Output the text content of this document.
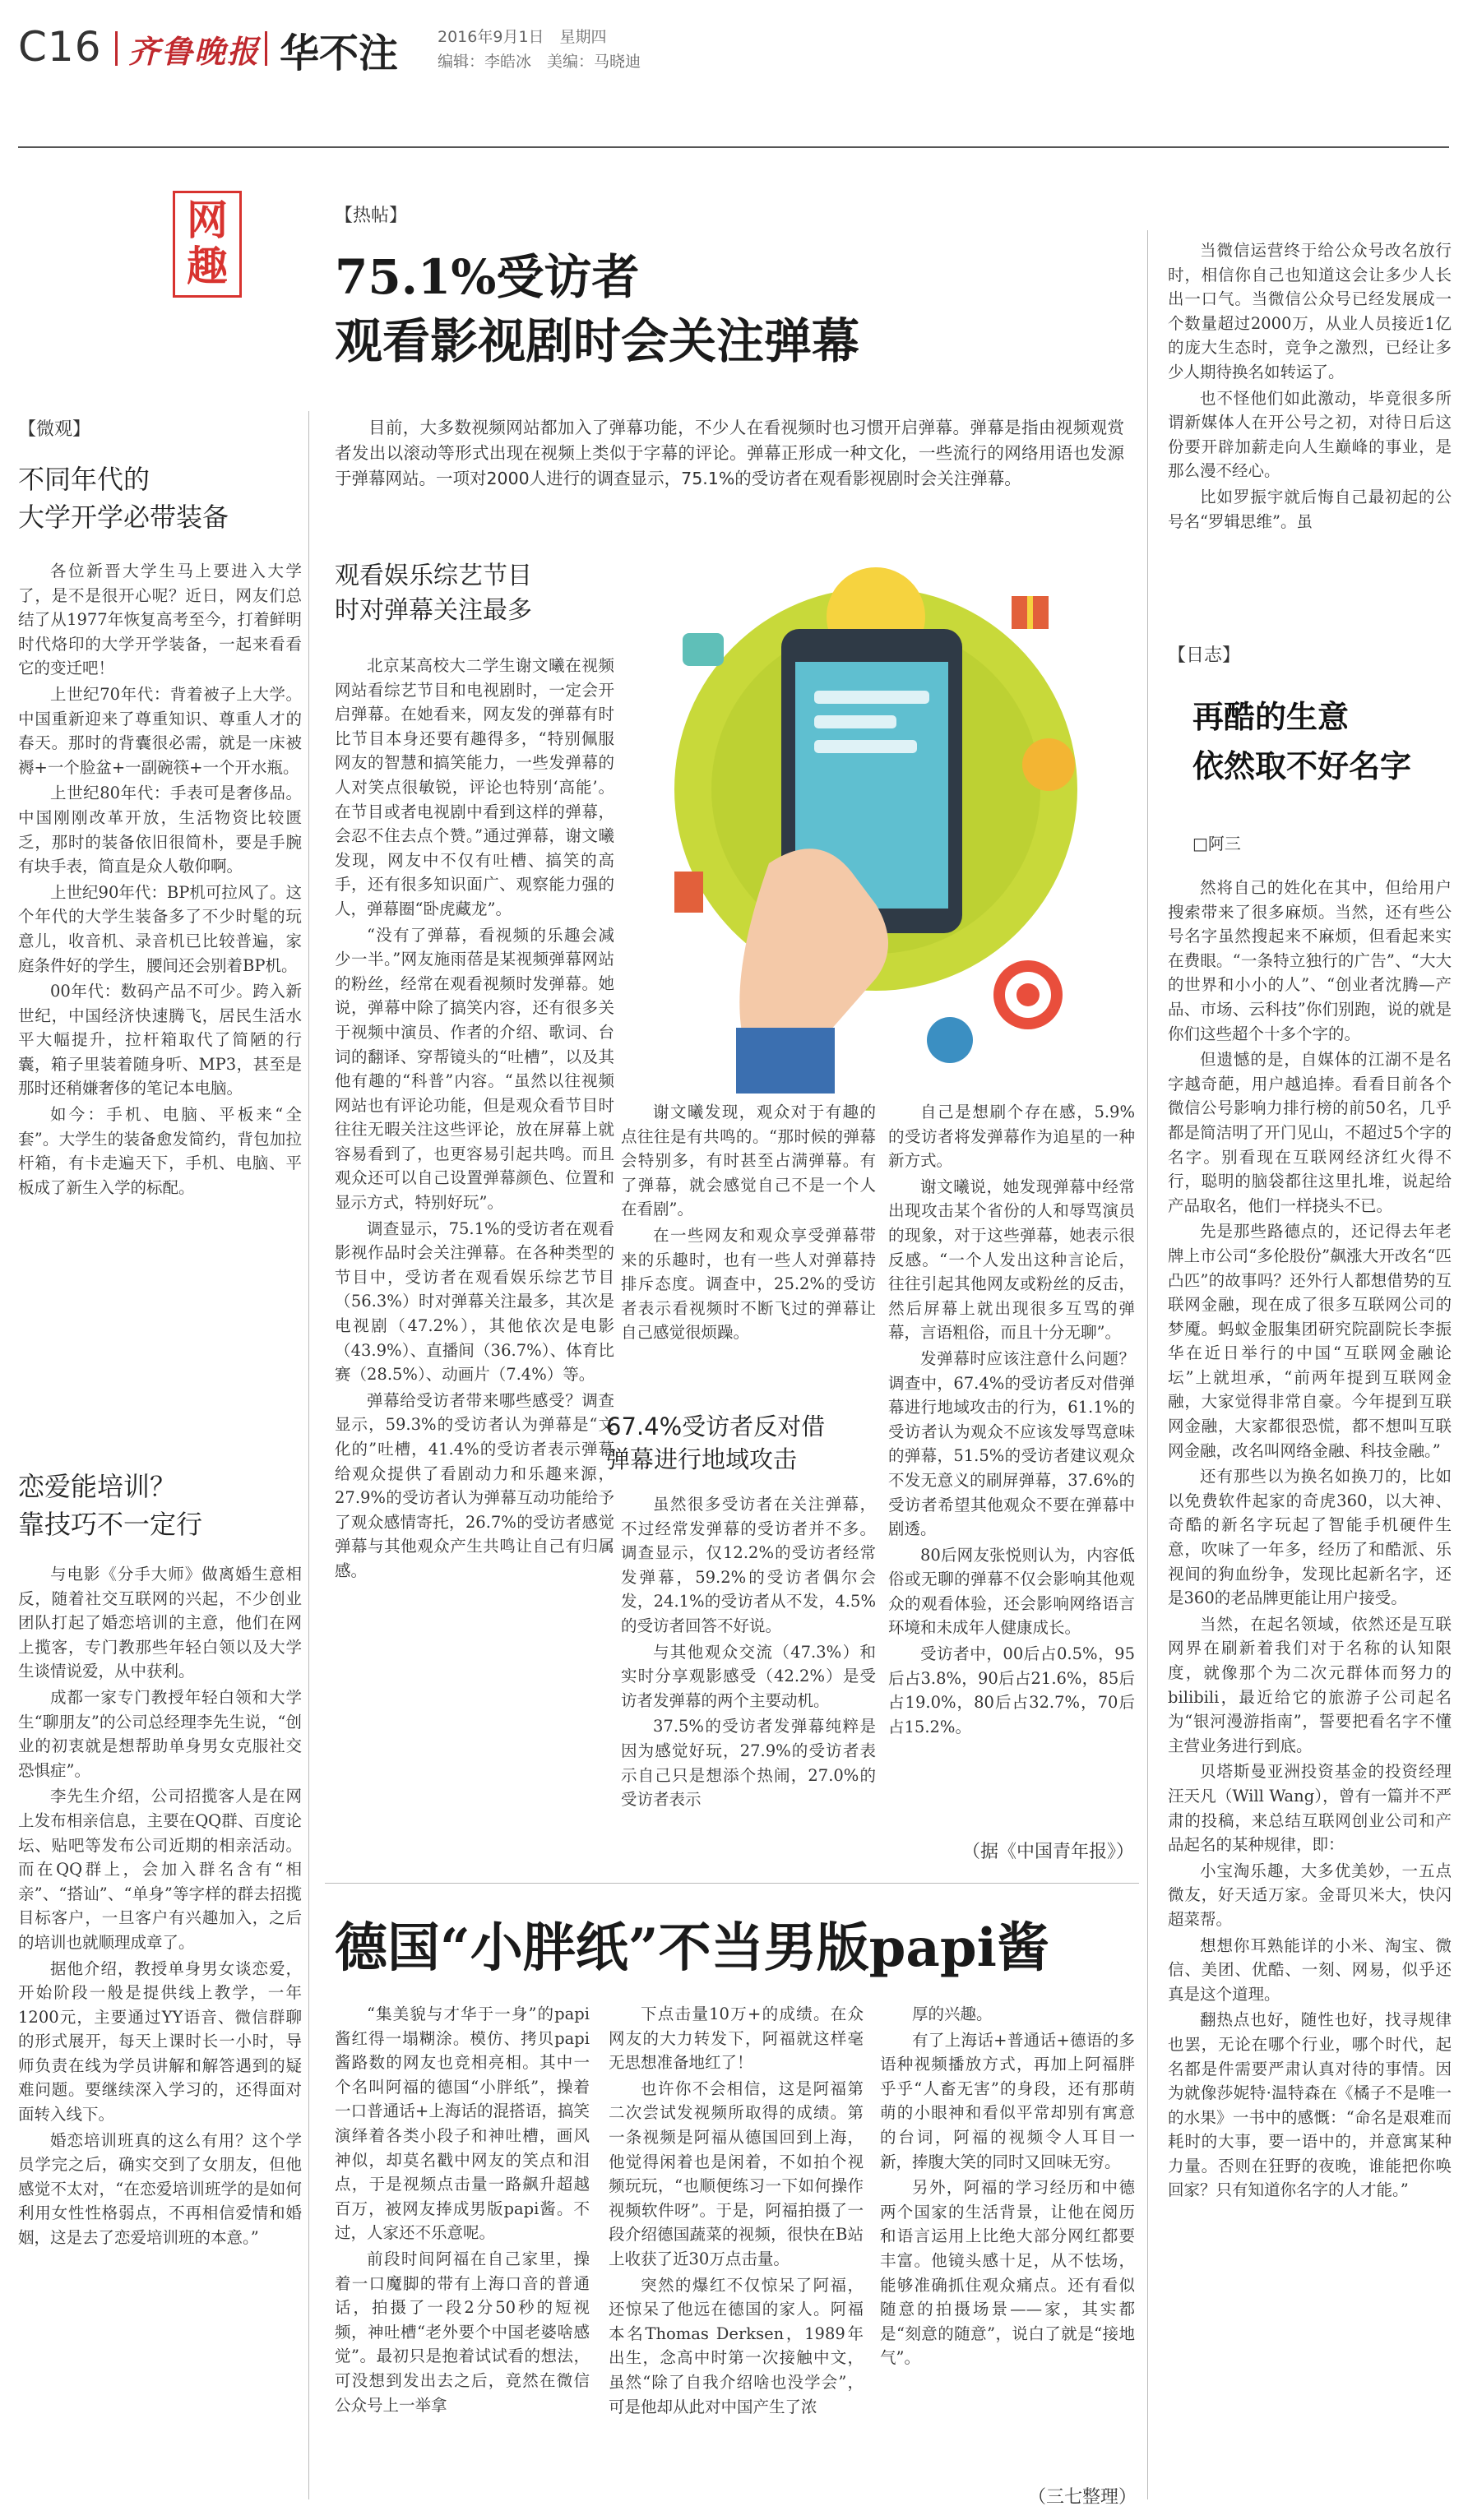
C16 齐鲁晚报 华不注	2016年9月1日　星期四
编辑：李皓冰　美编：马晓迪
网趣
【微观】
不同年代的
大学开学必带装备

各位新晋大学生马上要进入大学了，是不是很开心呢？近日，网友们总结了从1977年恢复高考至今，打着鲜明时代烙印的大学开学装备，一起来看看它的变迁吧！

上世纪70年代：背着被子上大学。中国重新迎来了尊重知识、尊重人才的春天。那时的背囊很必需，就是一床被褥+一个脸盆+一副碗筷+一个开水瓶。

上世纪80年代：手表可是奢侈品。中国刚刚改革开放，生活物资比较匮乏，那时的装备依旧很简朴，要是手腕有块手表，简直是众人敬仰啊。

上世纪90年代：BP机可拉风了。这个年代的大学生装备多了不少时髦的玩意儿，收音机、录音机已比较普遍，家庭条件好的学生，腰间还会别着BP机。

00年代：数码产品不可少。跨入新世纪，中国经济快速腾飞，居民生活水平大幅提升，拉杆箱取代了简陋的行囊，箱子里装着随身听、MP3，甚至是那时还稍嫌奢侈的笔记本电脑。

如今：手机、电脑、平板来“全套”。大学生的装备愈发简约，背包加拉杆箱，有卡走遍天下，手机、电脑、平板成了新生入学的标配。

恋爱能培训？
靠技巧不一定行

与电影《分手大师》做离婚生意相反，随着社交互联网的兴起，不少创业团队打起了婚恋培训的主意，他们在网上揽客，专门教那些年轻白领以及大学生谈情说爱，从中获利。

成都一家专门教授年轻白领和大学生“聊朋友”的公司总经理李先生说，“创业的初衷就是想帮助单身男女克服社交恐惧症”。

李先生介绍，公司招揽客人是在网上发布相亲信息，主要在QQ群、百度论坛、贴吧等发布公司近期的相亲活动。而在QQ群上，会加入群名含有“相亲”、“搭讪”、“单身”等字样的群去招揽目标客户，一旦客户有兴趣加入，之后的培训也就顺理成章了。

据他介绍，教授单身男女谈恋爱，开始阶段一般是提供线上教学，一年1200元，主要通过YY语音、微信群聊的形式展开，每天上课时长一小时，导师负责在线为学员讲解和解答遇到的疑难问题。要继续深入学习的，还得面对面转入线下。

婚恋培训班真的这么有用？这个学员学完之后，确实交到了女朋友，但他感觉不太对，“在恋爱培训班学的是如何利用女性性格弱点，不再相信爱情和婚姻，这是去了恋爱培训班的本意。”

【热帖】
75.1%受访者
观看影视剧时会关注弹幕
目前，大多数视频网站都加入了弹幕功能，不少人在看视频时也习惯开启弹幕。弹幕是指由视频观赏者发出以滚动等形式出现在视频上类似于字幕的评论。弹幕正形成一种文化，一些流行的网络用语也发源于弹幕网站。一项对2000人进行的调查显示，75.1%的受访者在观看影视剧时会关注弹幕。
观看娱乐综艺节目
时对弹幕关注最多

北京某高校大二学生谢文曦在视频网站看综艺节目和电视剧时，一定会开启弹幕。在她看来，网友发的弹幕有时比节目本身还要有趣得多，“特别佩服网友的智慧和搞笑能力，一些发弹幕的人对笑点很敏锐，评论也特别‘高能’。在节目或者电视剧中看到这样的弹幕，会忍不住去点个赞。”通过弹幕，谢文曦发现，网友中不仅有吐槽、搞笑的高手，还有很多知识面广、观察能力强的人，弹幕圈“卧虎藏龙”。

“没有了弹幕，看视频的乐趣会减少一半。”网友施雨蓓是某视频弹幕网站的粉丝，经常在观看视频时发弹幕。她说，弹幕中除了搞笑内容，还有很多关于视频中演员、作者的介绍、歌词、台词的翻译、穿帮镜头的“吐槽”，以及其他有趣的“科普”内容。“虽然以往视频网站也有评论功能，但是观众看节目时往往无暇关注这些评论，放在屏幕上就容易看到了，也更容易引起共鸣。而且观众还可以自己设置弹幕颜色、位置和显示方式，特别好玩”。

调查显示，75.1%的受访者在观看影视作品时会关注弹幕。在各种类型的节目中，受访者在观看娱乐综艺节目（56.3%）时对弹幕关注最多，其次是电视剧（47.2%），其他依次是电影（43.9%）、直播间（36.7%）、体育比赛（28.5%）、动画片（7.4%）等。

弹幕给受访者带来哪些感受？调查显示，59.3%的受访者认为弹幕是“文化的”吐槽，41.4%的受访者表示弹幕给观众提供了看剧动力和乐趣来源，27.9%的受访者认为弹幕互动功能给予了观众感情寄托，26.7%的受访者感觉弹幕与其他观众产生共鸣让自己有归属感。

谢文曦发现，观众对于有趣的点往往是有共鸣的。“那时候的弹幕会特别多，有时甚至占满弹幕。有了弹幕，就会感觉自己不是一个人在看剧”。

在一些网友和观众享受弹幕带来的乐趣时，也有一些人对弹幕持排斥态度。调查中，25.2%的受访者表示看视频时不断飞过的弹幕让自己感觉很烦躁。

67.4%受访者反对借
弹幕进行地域攻击

虽然很多受访者在关注弹幕，不过经常发弹幕的受访者并不多。调查显示，仅12.2%的受访者经常发弹幕，59.2%的受访者偶尔会发，24.1%的受访者从不发，4.5%的受访者回答不好说。

与其他观众交流（47.3%）和实时分享观影感受（42.2%）是受访者发弹幕的两个主要动机。

37.5%的受访者发弹幕纯粹是因为感觉好玩，27.9%的受访者表示自己只是想添个热闹，27.0%的受访者表示

自己是想刷个存在感，5.9%的受访者将发弹幕作为追星的一种新方式。

谢文曦说，她发现弹幕中经常出现攻击某个省份的人和辱骂演员的现象，对于这些弹幕，她表示很反感。“一个人发出这种言论后，往往引起其他网友或粉丝的反击，然后屏幕上就出现很多互骂的弹幕，言语粗俗，而且十分无聊”。

发弹幕时应该注意什么问题？调查中，67.4%的受访者反对借弹幕进行地域攻击的行为，61.1%的受访者认为观众不应该发辱骂意味的弹幕，51.5%的受访者建议观众不发无意义的刷屏弹幕，37.6%的受访者希望其他观众不要在弹幕中剧透。

80后网友张悦则认为，内容低俗或无聊的弹幕不仅会影响其他观众的观看体验，还会影响网络语言环境和未成年人健康成长。

受访者中，00后占0.5%，95后占3.8%，90后占21.6%，85后占19.0%，80后占32.7%，70后占15.2%。

（据《中国青年报》）

当微信运营终于给公众号改名放行时，相信你自己也知道这会让多少人长出一口气。当微信公众号已经发展成一个数量超过2000万，从业人员接近1亿的庞大生态时，竞争之激烈，已经让多少人期待换名如转运了。

也不怪他们如此激动，毕竟很多所谓新媒体人在开公号之初，对待日后这份要开辟加薪走向人生巅峰的事业，是那么漫不经心。

比如罗振宇就后悔自己最初起的公号名“罗辑思维”。虽

【日志】
再酷的生意
依然取不好名字
□阿三

然将自己的姓化在其中，但给用户搜索带来了很多麻烦。当然，还有些公号名字虽然搜起来不麻烦，但看起来实在费眼。“一条特立独行的广告”、“大大的世界和小小的人”、“创业者沈腾—产品、市场、云科技”你们别跑，说的就是你们这些超个十多个字的。

但遗憾的是，自媒体的江湖不是名字越奇葩，用户越追捧。看看目前各个微信公号影响力排行榜的前50名，几乎都是简洁明了开门见山，不超过5个字的名字。别看现在互联网经济红火得不行，聪明的脑袋都往这里扎堆，说起给产品取名，他们一样挠头不已。

先是那些路德点的，还记得去年老牌上市公司“多伦股份”飙涨大开改名“匹凸匹”的故事吗？还外行人都想借势的互联网金融，现在成了很多互联网公司的梦魇。蚂蚁金服集团研究院副院长李振华在近日举行的中国“互联网金融论坛”上就坦承，“前两年提到互联网金融，大家觉得非常自豪。今年提到互联网金融，大家都很恐慌，都不想叫互联网金融，改名叫网络金融、科技金融。”

还有那些以为换名如换刀的，比如以免费软件起家的奇虎360，以大神、奇酷的新名字玩起了智能手机硬件生意，吹味了一年多，经历了和酷派、乐视间的狗血纷争，发现比起新名字，还是360的老品牌更能让用户接受。

当然，在起名领域，依然还是互联网界在刷新着我们对于名称的认知限度，就像那个为二次元群体而努力的bilibili，最近给它的旅游子公司起名为“银河漫游指南”，誓要把看名字不懂主营业务进行到底。

贝塔斯曼亚洲投资基金的投资经理汪天凡（Will Wang），曾有一篇并不严肃的投稿，来总结互联网创业公司和产品起名的某种规律，即：

小宝淘乐趣，大多优美妙，一五点微友，好天适万家。金哥贝米大，快闪超菜帮。

想想你耳熟能详的小米、淘宝、微信、美团、优酷、一刻、网易，似乎还真是这个道理。

翻热点也好，随性也好，找寻规律也罢，无论在哪个行业，哪个时代，起名都是件需要严肃认真对待的事情。因为就像莎妮特·温特森在《橘子不是唯一的水果》一书中的感慨：“命名是艰难而耗时的大事，要一语中的，并意寓某种力量。否则在狂野的夜晚，谁能把你唤回家？只有知道你名字的人才能。”

德国“小胖纸”不当男版papi酱

“集美貌与才华于一身”的papi酱红得一塌糊涂。模仿、拷贝papi酱路数的网友也竞相亮相。其中一个名叫阿福的德国“小胖纸”，操着一口普通话+上海话的混搭语，搞笑演绎着各类小段子和神吐槽，画风神似，却莫名戳中网友的笑点和泪点，于是视频点击量一路飙升超越百万，被网友捧成男版papi酱。不过，人家还不乐意呢。

前段时间阿福在自己家里，操着一口魔脚的带有上海口音的普通话，拍摄了一段2分50秒的短视频，神吐槽“老外要个中国老婆啥感觉”。最初只是抱着试试看的想法，可没想到发出去之后，竟然在微信公众号上一举拿

下点击量10万+的成绩。在众网友的大力转发下，阿福就这样毫无思想准备地红了！

也许你不会相信，这是阿福第二次尝试发视频所取得的成绩。第一条视频是阿福从德国回到上海，他觉得闲着也是闲着，不如拍个视频玩玩，“也顺便练习一下如何操作视频软件呀”。于是，阿福拍摄了一段介绍德国蔬菜的视频，很快在B站上收获了近30万点击量。

突然的爆红不仅惊呆了阿福，还惊呆了他远在德国的家人。阿福本名Thomas Derksen，1989年出生，念高中时第一次接触中文，虽然“除了自我介绍啥也没学会”，可是他却从此对中国产生了浓

厚的兴趣。

有了上海话+普通话+德语的多语种视频播放方式，再加上阿福胖乎乎“人畜无害”的身段，还有那萌萌的小眼神和看似平常却别有寓意的台词，阿福的视频令人耳目一新，捧腹大笑的同时又回味无穷。

另外，阿福的学习经历和中德两个国家的生活背景，让他在阅历和语言运用上比绝大部分网红都要丰富。他镜头感十足，从不怯场，能够准确抓住观众痛点。还有看似随意的拍摄场景——家，其实都是“刻意的随意”，说白了就是“接地气”。

（三七整理）
